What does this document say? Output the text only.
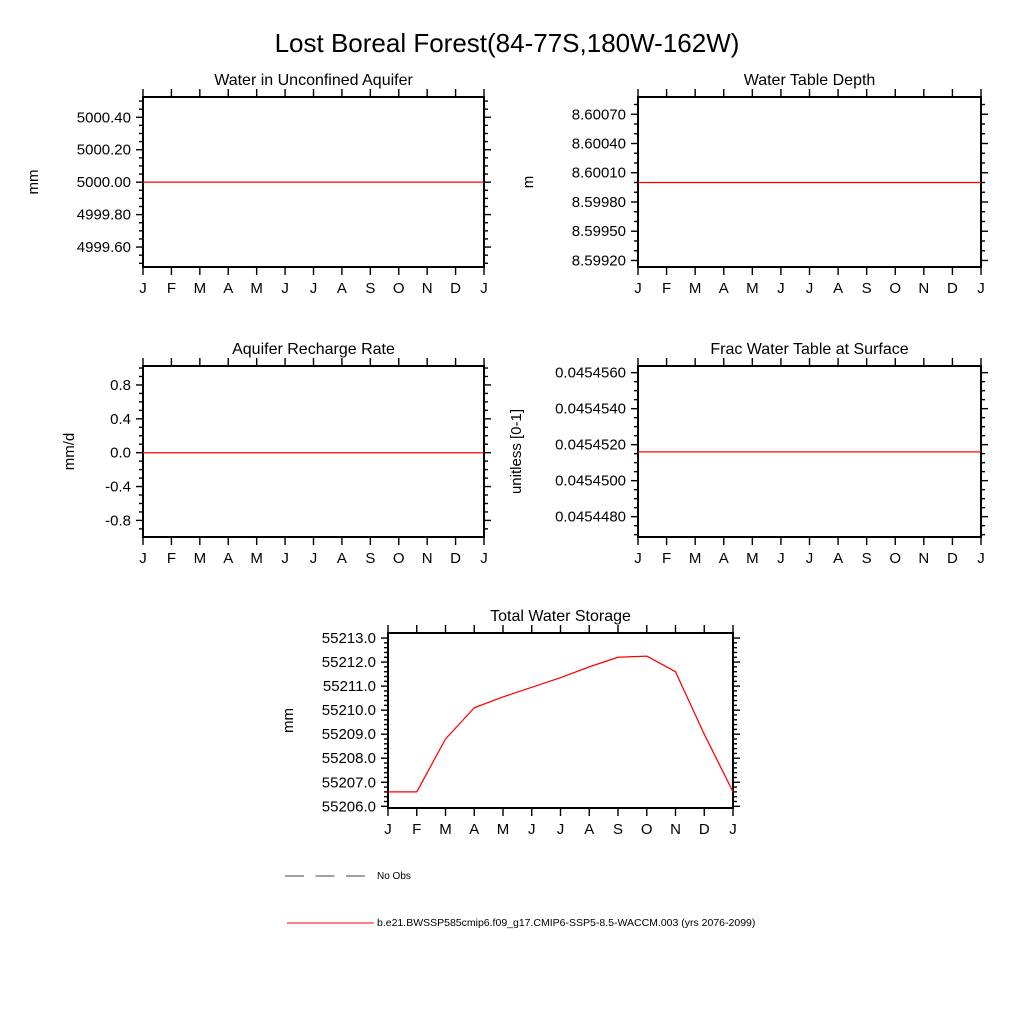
Lost Boreal Forest(84-77S,180W-162W)
5000.40
5000.20
5000.00
4999.80
4999.60
J F M A M J J A S O N D J
Water in Unconfined Aquifer
mm
8.60070
8.60040
8.60010
8.59980
8.59950
8.59920
J F M A M J J A S O N D J
Water Table Depth
m
0.8
0.4
0.0
-0.4
-0.8
J F M A M J J A S O N D J
Aquifer Recharge Rate
mm/d
0.0454560
0.0454540
0.0454520
0.0454500
0.0454480
J F M A M J J A S O N D J
Frac Water Table at Surface
unitless [0-1]
55213.0
55212.0
55211.0
55210.0
55209.0
55208.0
55207.0
55206.0
J F M A M J J A S O N D J
Total Water Storage
mm
No Obs
b.e21.BWSSP585cmip6.f09_g17.CMIP6-SSP5-8.5-WACCM.003 (yrs 2076-2099)
